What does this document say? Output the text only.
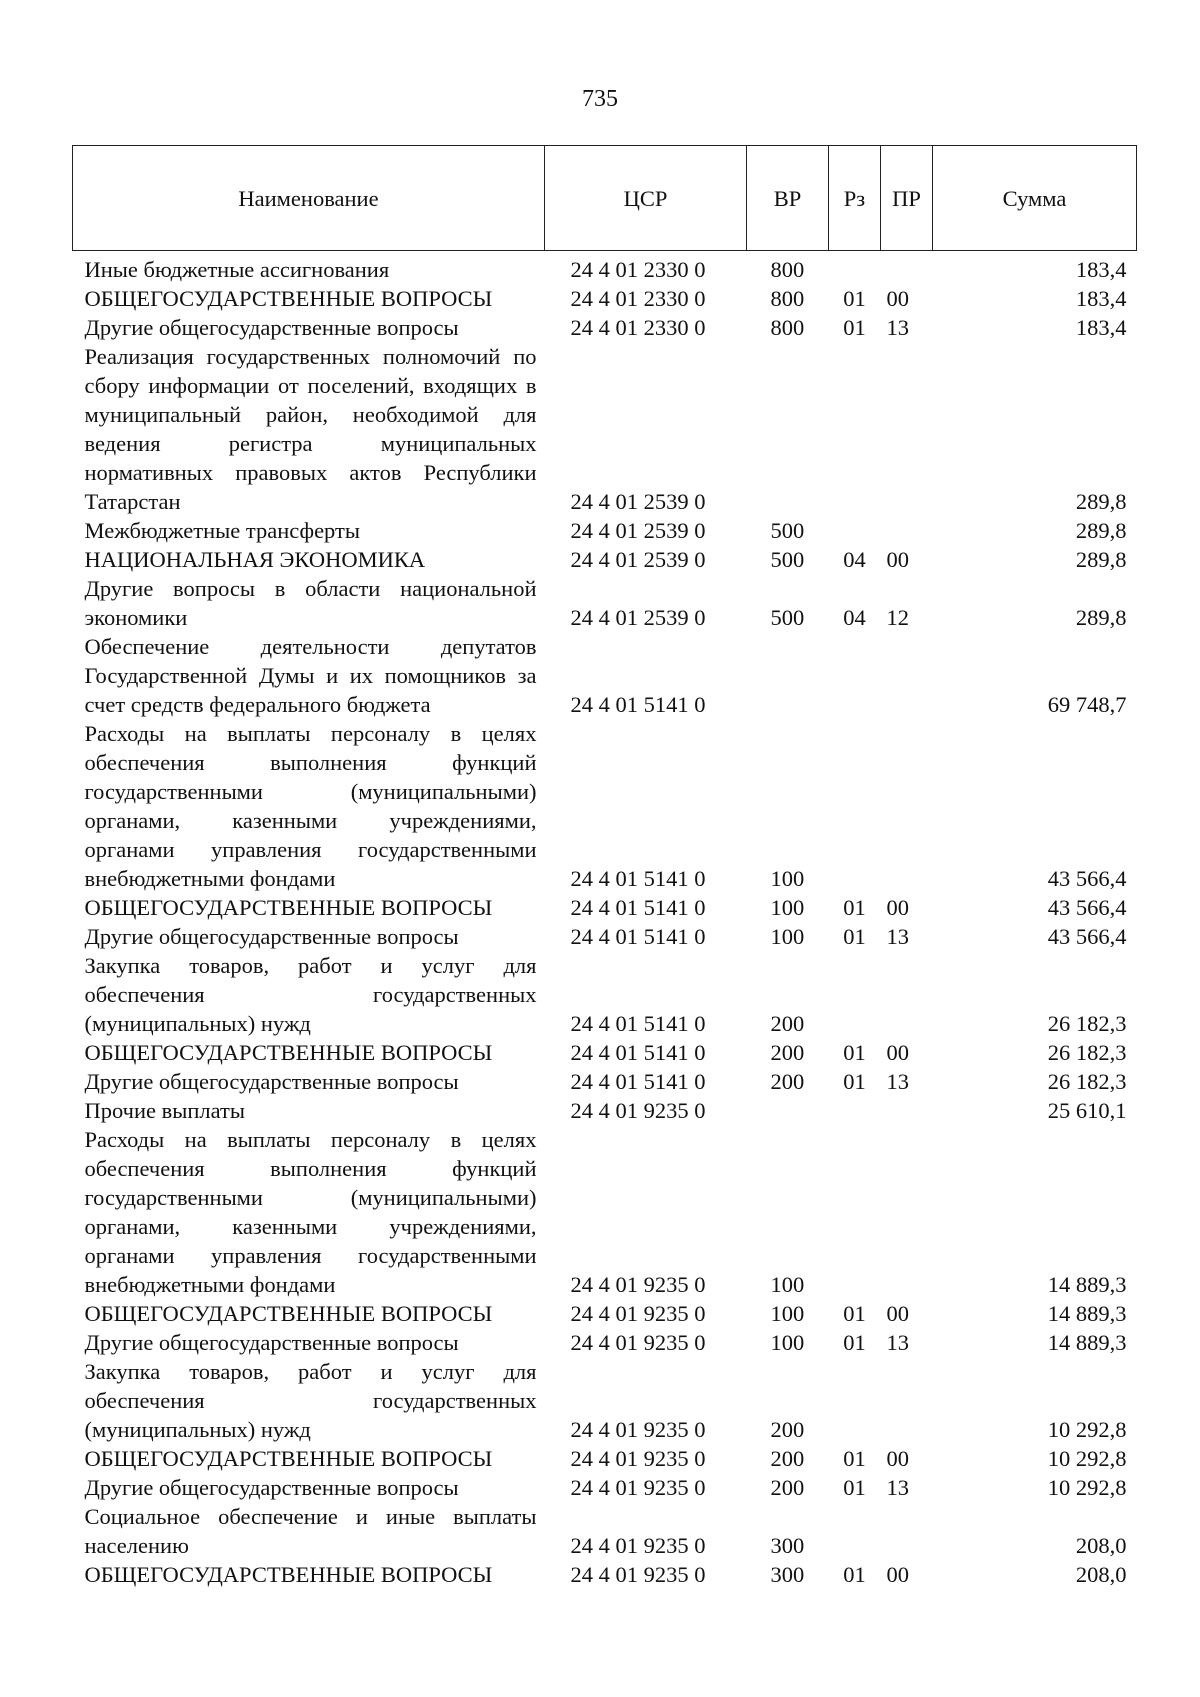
735
Наименование	ЦСР	ВР	Рз	ПР	Сумма
Иные бюджетные ассигнования	24 4 01 2330 0	800			183,4
ОБЩЕГОСУДАРСТВЕННЫЕ ВОПРОСЫ	24 4 01 2330 0	800	01	00	183,4
Другие общегосударственные вопросы	24 4 01 2330 0	800	01	13	183,4
Реализация государственных полномочий по сбору информации от поселений, входящих в муниципальный район, необходимой для ведения регистра муниципальных нормативных правовых актов Республики Татарстан	24 4 01 2539 0				289,8
Межбюджетные трансферты	24 4 01 2539 0	500			289,8
НАЦИОНАЛЬНАЯ ЭКОНОМИКА	24 4 01 2539 0	500	04	00	289,8
Другие вопросы в области национальной экономики	24 4 01 2539 0	500	04	12	289,8
Обеспечение деятельности депутатов Государственной Думы и их помощников за счет средств федерального бюджета	24 4 01 5141 0				69 748,7
Расходы на выплаты персоналу в целях обеспечения выполнения функций государственными (муниципальными) органами, казенными учреждениями, органами управления государственными внебюджетными фондами	24 4 01 5141 0	100			43 566,4
ОБЩЕГОСУДАРСТВЕННЫЕ ВОПРОСЫ	24 4 01 5141 0	100	01	00	43 566,4
Другие общегосударственные вопросы	24 4 01 5141 0	100	01	13	43 566,4
Закупка товаров, работ и услуг для обеспечения государственных (муниципальных) нужд	24 4 01 5141 0	200			26 182,3
ОБЩЕГОСУДАРСТВЕННЫЕ ВОПРОСЫ	24 4 01 5141 0	200	01	00	26 182,3
Другие общегосударственные вопросы	24 4 01 5141 0	200	01	13	26 182,3
Прочие выплаты	24 4 01 9235 0				25 610,1
Расходы на выплаты персоналу в целях обеспечения выполнения функций государственными (муниципальными) органами, казенными учреждениями, органами управления государственными внебюджетными фондами	24 4 01 9235 0	100			14 889,3
ОБЩЕГОСУДАРСТВЕННЫЕ ВОПРОСЫ	24 4 01 9235 0	100	01	00	14 889,3
Другие общегосударственные вопросы	24 4 01 9235 0	100	01	13	14 889,3
Закупка товаров, работ и услуг для обеспечения государственных (муниципальных) нужд	24 4 01 9235 0	200			10 292,8
ОБЩЕГОСУДАРСТВЕННЫЕ ВОПРОСЫ	24 4 01 9235 0	200	01	00	10 292,8
Другие общегосударственные вопросы	24 4 01 9235 0	200	01	13	10 292,8
Социальное обеспечение и иные выплаты населению	24 4 01 9235 0	300			208,0
ОБЩЕГОСУДАРСТВЕННЫЕ ВОПРОСЫ	24 4 01 9235 0	300	01	00	208,0
